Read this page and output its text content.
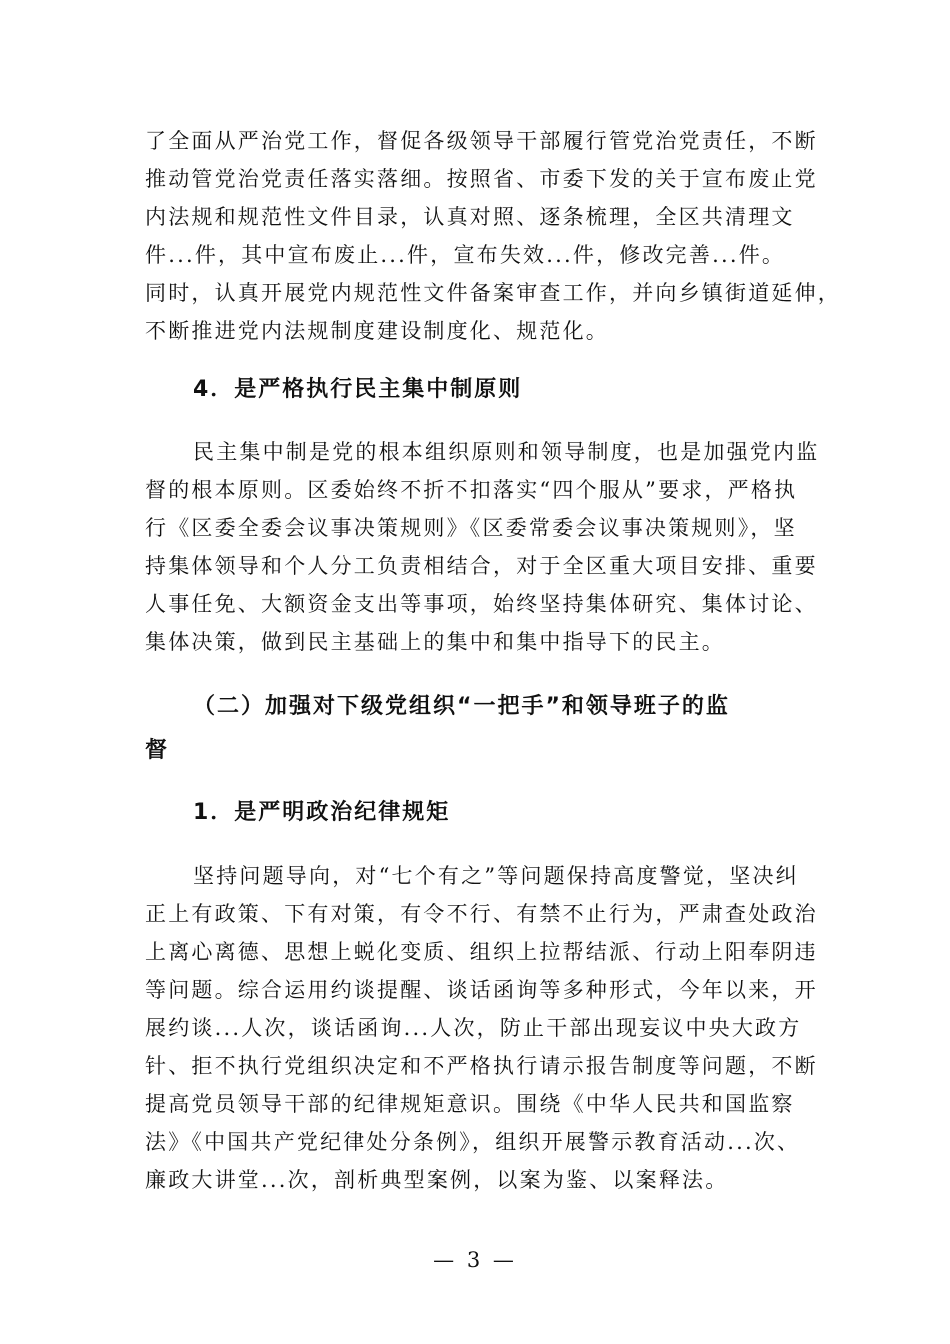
了全面从严治党工作，督促各级领导干部履行管党治党责任，不断
推动管党治党责任落实落细。按照省、市委下发的关于宣布废止党
内法规和规范性文件目录，认真对照、逐条梳理，全区共清理文
件...件，其中宣布废止...件，宣布失效...件，修改完善...件。
同时，认真开展党内规范性文件备案审查工作，并向乡镇街道延伸，
不断推进党内法规制度建设制度化、规范化。
4．是严格执行民主集中制原则
民主集中制是党的根本组织原则和领导制度，也是加强党内监
督的根本原则。区委始终不折不扣落实“四个服从”要求，严格执
行《区委全委会议事决策规则》《区委常委会议事决策规则》，坚
持集体领导和个人分工负责相结合，对于全区重大项目安排、重要
人事任免、大额资金支出等事项，始终坚持集体研究、集体讨论、
集体决策，做到民主基础上的集中和集中指导下的民主。
（二）加强对下级党组织“一把手”和领导班子的监
督
1．是严明政治纪律规矩
坚持问题导向，对“七个有之”等问题保持高度警觉，坚决纠
正上有政策、下有对策，有令不行、有禁不止行为，严肃查处政治
上离心离德、思想上蜕化变质、组织上拉帮结派、行动上阳奉阴违
等问题。综合运用约谈提醒、谈话函询等多种形式，今年以来，开
展约谈...人次，谈话函询...人次，防止干部出现妄议中央大政方
针、拒不执行党组织决定和不严格执行请示报告制度等问题，不断
提高党员领导干部的纪律规矩意识。围绕《中华人民共和国监察
法》《中国共产党纪律处分条例》，组织开展警示教育活动...次、
廉政大讲堂...次，剖析典型案例，以案为鉴、以案释法。
— 3 —
